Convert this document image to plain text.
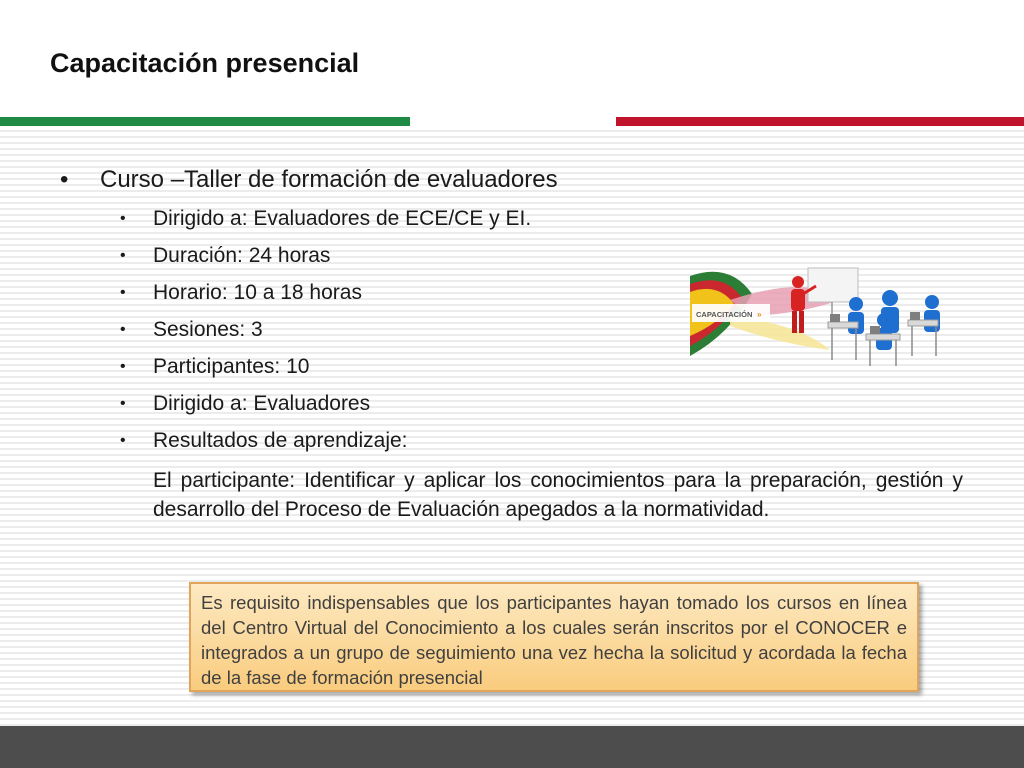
Capacitación presencial
• Curso –Taller de formación de evaluadores
• Dirigido a: Evaluadores de ECE/CE y EI.
• Duración: 24 horas
• Horario: 10 a 18 horas
• Sesiones: 3
• Participantes: 10
• Dirigido a: Evaluadores
• Resultados de aprendizaje:

El participante: Identificar y aplicar los conocimientos para la preparación, gestión y desarrollo del Proceso de Evaluación apegados a la normatividad.

CAPACITACIÓN »

Es requisito indispensables que los participantes hayan tomado los cursos en línea del Centro Virtual del Conocimiento a los cuales serán inscritos por el CONOCER e integrados a un grupo de seguimiento una vez hecha la solicitud y acordada la fecha de la fase de formación presencial
